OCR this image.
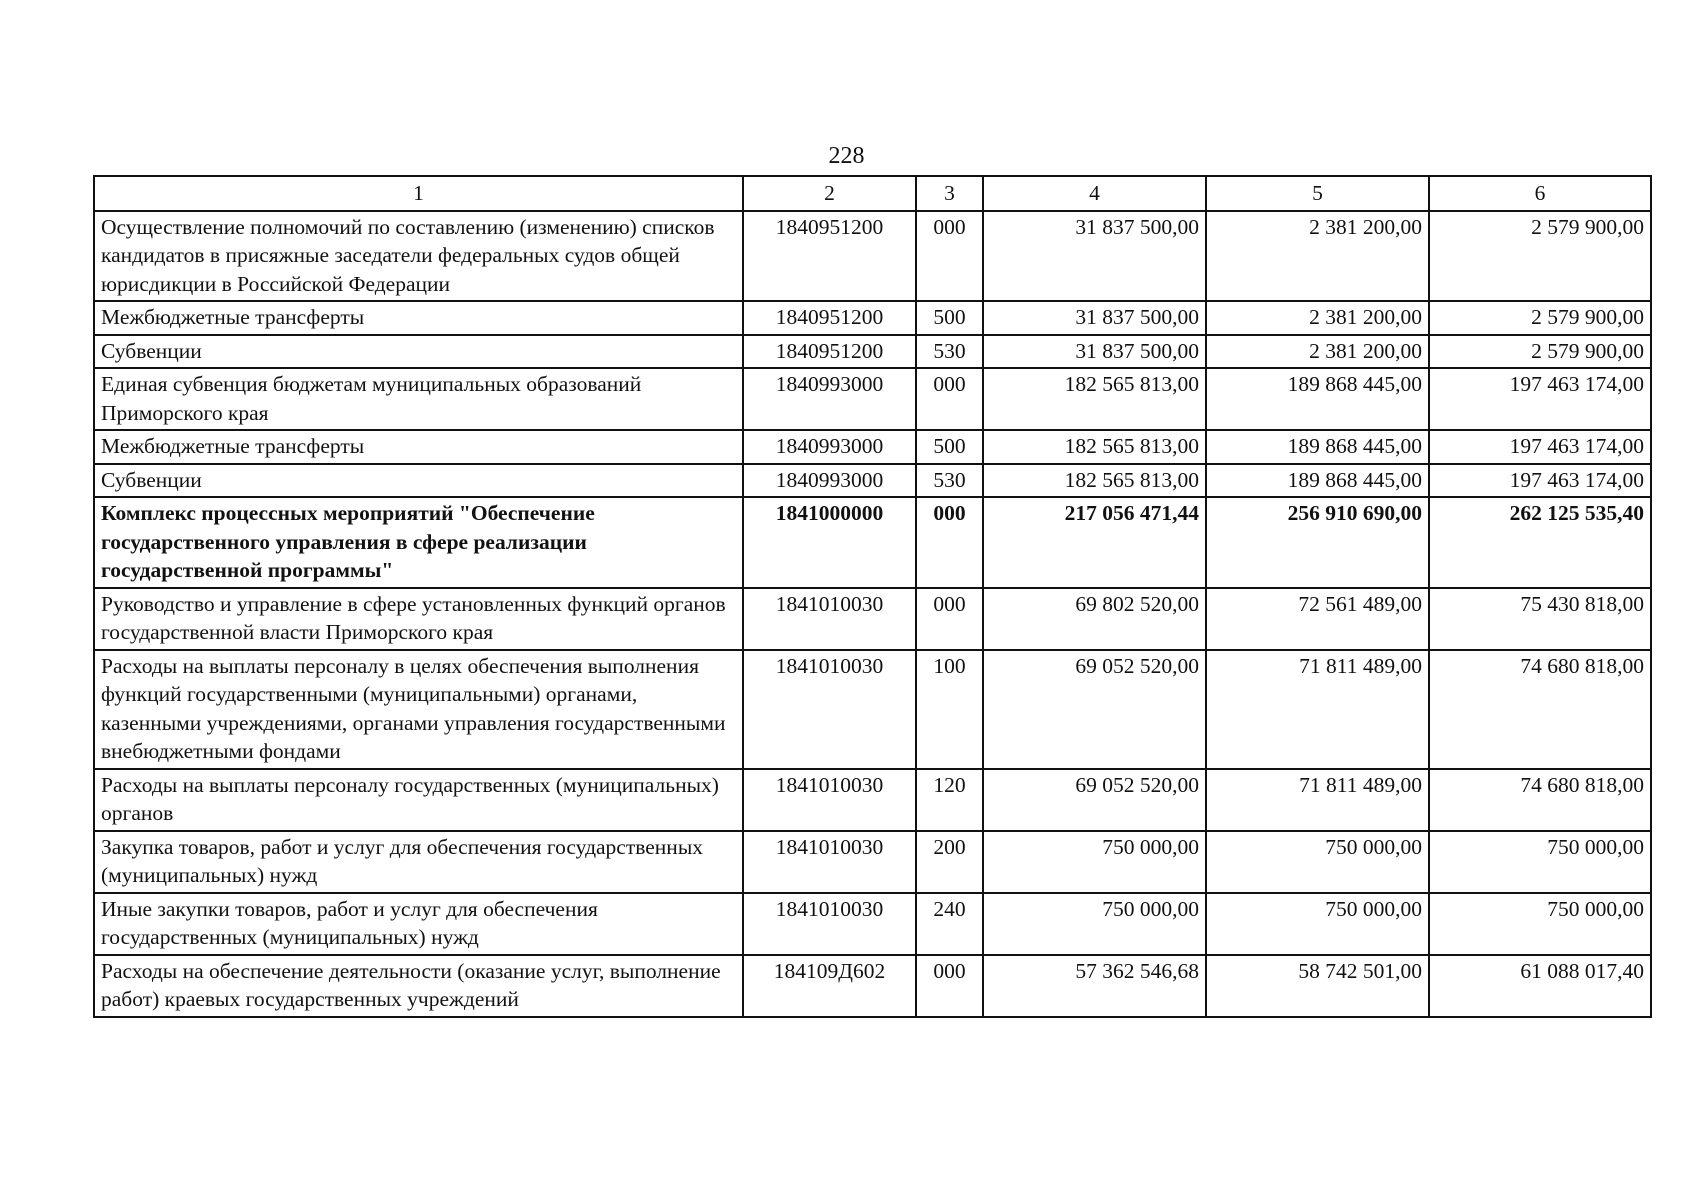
228
1	2	3	4	5	6
Осуществление полномочий по составлению (изменению) списков кандидатов в присяжные заседатели федеральных судов общей юрисдикции в Российской Федерации	1840951200	000	31 837 500,00	2 381 200,00	2 579 900,00
Межбюджетные трансферты	1840951200	500	31 837 500,00	2 381 200,00	2 579 900,00
Субвенции	1840951200	530	31 837 500,00	2 381 200,00	2 579 900,00
Единая субвенция бюджетам муниципальных образований Приморского края	1840993000	000	182 565 813,00	189 868 445,00	197 463 174,00
Межбюджетные трансферты	1840993000	500	182 565 813,00	189 868 445,00	197 463 174,00
Субвенции	1840993000	530	182 565 813,00	189 868 445,00	197 463 174,00
Комплекс процессных мероприятий "Обеспечение государственного управления в сфере реализации государственной программы"	1841000000	000	217 056 471,44	256 910 690,00	262 125 535,40
Руководство и управление в сфере установленных функций органов государственной власти Приморского края	1841010030	000	69 802 520,00	72 561 489,00	75 430 818,00
Расходы на выплаты персоналу в целях обеспечения выполнения функций государственными (муниципальными) органами, казенными учреждениями, органами управления государственными внебюджетными фондами	1841010030	100	69 052 520,00	71 811 489,00	74 680 818,00
Расходы на выплаты персоналу государственных (муниципальных) органов	1841010030	120	69 052 520,00	71 811 489,00	74 680 818,00
Закупка товаров, работ и услуг для обеспечения государственных (муниципальных) нужд	1841010030	200	750 000,00	750 000,00	750 000,00
Иные закупки товаров, работ и услуг для обеспечения государственных (муниципальных) нужд	1841010030	240	750 000,00	750 000,00	750 000,00
Расходы на обеспечение деятельности (оказание услуг, выполнение работ) краевых государственных учреждений	184109Д602	000	57 362 546,68	58 742 501,00	61 088 017,40
